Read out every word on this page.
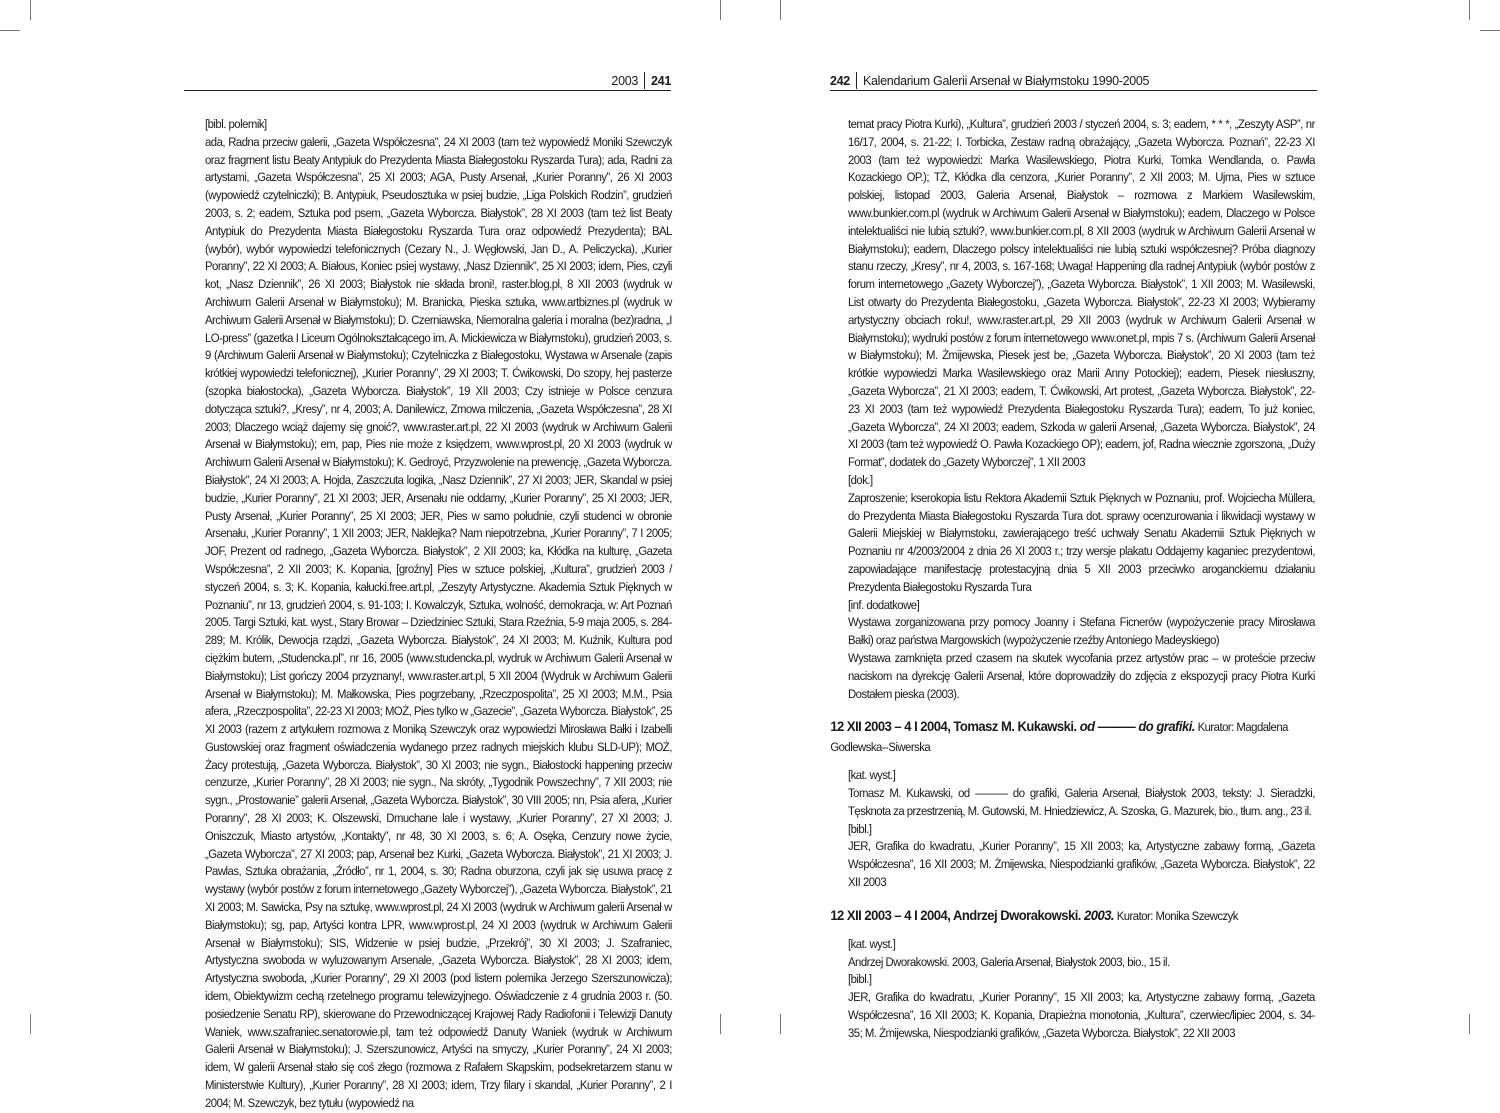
2003 241

[bibl. polemik]

ada, Radna przeciw galerii, „Gazeta Współczesna”, 24 XI 2003 (tam też wypowiedź Moniki Szewczyk oraz fragment listu Beaty Antypiuk do Prezydenta Miasta Białegostoku Ryszarda Tura); ada, Radni za artystami, „Gazeta Współczesna”, 25 XI 2003; AGA, Pusty Arsenał, „Kurier Poranny”, 26 XI 2003 (wypowiedź czytelniczki); B. Antypiuk, Pseudosztuka w psiej budzie, „Liga Polskich Rodzin”, grudzień 2003, s. 2; eadem, Sztuka pod psem, „Gazeta Wyborcza. Białystok”, 28 XI 2003 (tam też list Beaty Antypiuk do Prezydenta Miasta Białegostoku Ryszarda Tura oraz odpowiedź Prezydenta); BAL (wybór), wybór wypowiedzi telefonicznych (Cezary N., J. Węgłowski, Jan D., A. Peliczycka), „Kurier Poranny”, 22 XI 2003; A. Białous, Koniec psiej wystawy, „Nasz Dziennik”, 25 XI 2003; idem, Pies, czyli kot, „Nasz Dziennik”, 26 XI 2003; Białystok nie składa broni!, raster.blog.pl, 8 XII 2003 (wydruk w Archiwum Galerii Arsenał w Białymstoku); M. Branicka, Pieska sztuka, www.artbiznes.pl (wydruk w Archiwum Galerii Arsenał w Białymstoku); D. Czerniawska, Niemoralna galeria i moralna (bez)radna, „I LO-press” (gazetka I Liceum Ogólnokształcącego im. A. Mickiewicza w Białymstoku), grudzień 2003, s. 9 (Archiwum Galerii Arsenał w Białymstoku); Czytelniczka z Białegostoku, Wystawa w Arsenale (zapis krótkiej wypowiedzi telefonicznej), „Kurier Poranny”, 29 XI 2003; T. Ćwikowski, Do szopy, hej pasterze (szopka białostocka), „Gazeta Wyborcza. Białystok”, 19 XII 2003; Czy istnieje w Polsce cenzura dotycząca sztuki?, „Kresy”, nr 4, 2003; A. Danilewicz, Zmowa milczenia, „Gazeta Współczesna”, 28 XI 2003; Dlaczego wciąż dajemy się gnoić?, www.raster.art.pl, 22 XI 2003 (wydruk w Archiwum Galerii Arsenał w Białymstoku); em, pap, Pies nie może z księdzem, www.wprost.pl, 20 XI 2003 (wydruk w Archiwum Galerii Arsenał w Białymstoku); K. Gedroyć, Przyzwolenie na prewencję, „Gazeta Wyborcza. Białystok”, 24 XI 2003; A. Hojda, Zaszczuta logika, „Nasz Dziennik”, 27 XI 2003; JER, Skandal w psiej budzie, „Kurier Poranny”, 21 XI 2003; JER, Arsenału nie oddamy, „Kurier Poranny”, 25 XI 2003; JER, Pusty Arsenał, „Kurier Poranny”, 25 XI 2003; JER, Pies w samo południe, czyli studenci w obronie Arsenału, „Kurier Poranny”, 1 XII 2003; JER, Naklejka? Nam niepotrzebna, „Kurier Poranny”, 7 I 2005; JOF, Prezent od radnego, „Gazeta Wyborcza. Białystok”, 2 XII 2003; ka, Kłódka na kulturę, „Gazeta Współczesna”, 2 XII 2003; K. Kopania, [groźny] Pies w sztuce polskiej, „Kultura”, grudzień 2003 / styczeń 2004, s. 3; K. Kopania, kałucki.free.art.pl, „Zeszyty Artystyczne. Akademia Sztuk Pięknych w Poznaniu”, nr 13, grudzień 2004, s. 91-103; I. Kowalczyk, Sztuka, wolność, demokracja, w: Art Poznań 2005. Targi Sztuki, kat. wyst., Stary Browar – Dziedziniec Sztuki, Stara Rzeźnia, 5-9 maja 2005, s. 284-289; M. Królik, Dewocja rządzi, „Gazeta Wyborcza. Białystok”, 24 XI 2003; M. Kuźnik, Kultura pod ciężkim butem, „Studencka.pl”, nr 16, 2005 (www.studencka.pl, wydruk w Archiwum Galerii Arsenał w Białymstoku); List gończy 2004 przyznany!, www.raster.art.pl, 5 XII 2004 (Wydruk w Archiwum Galerii Arsenał w Białymstoku); M. Małkowska, Pies pogrzebany, „Rzeczpospolita”, 25 XI 2003; M.M., Psia afera, „Rzeczpospolita”, 22-23 XI 2003; MOŻ, Pies tylko w „Gazecie”, „Gazeta Wyborcza. Białystok”, 25 XI 2003 (razem z artykułem rozmowa z Moniką Szewczyk oraz wypowiedzi Mirosława Bałki i Izabelli Gustowskiej oraz fragment oświadczenia wydanego przez radnych miejskich klubu SLD-UP); MOŻ, Żacy protestują, „Gazeta Wyborcza. Białystok”, 30 XI 2003; nie sygn., Białostocki happening przeciw cenzurze, „Kurier Poranny”, 28 XI 2003; nie sygn., Na skróty, „Tygodnik Powszechny”, 7 XII 2003; nie sygn., „Prostowanie” galerii Arsenał, „Gazeta Wyborcza. Białystok”, 30 VIII 2005; nn, Psia afera, „Kurier Poranny”, 28 XI 2003; K. Olszewski, Dmuchane lale i wystawy, „Kurier Poranny”, 27 XI 2003; J. Oniszczuk, Miasto artystów, „Kontakty”, nr 48, 30 XI 2003, s. 6; A. Osęka, Cenzury nowe życie, „Gazeta Wyborcza”, 27 XI 2003; pap, Arsenał bez Kurki, „Gazeta Wyborcza. Białystok”, 21 XI 2003; J. Pawlas, Sztuka obrażania, „Źródło”, nr 1, 2004, s. 30; Radna oburzona, czyli jak się usuwa pracę z wystawy (wybór postów z forum internetowego „Gazety Wyborczej”), „Gazeta Wyborcza. Białystok”, 21 XI 2003; M. Sawicka, Psy na sztukę, www.wprost.pl, 24 XI 2003 (wydruk w Archiwum galerii Arsenał w Białymstoku); sg, pap, Artyści kontra LPR, www.wprost.pl, 24 XI 2003 (wydruk w Archiwum Galerii Arsenał w Białymstoku); SIS, Widzenie w psiej budzie, „Przekrój”, 30 XI 2003; J. Szafraniec, Artystyczna swoboda w wyluzowanym Arsenale, „Gazeta Wyborcza. Białystok”, 28 XI 2003; idem, Artystyczna swoboda, „Kurier Poranny”, 29 XI 2003 (pod listem polemika Jerzego Szerszunowicza); idem, Obiektywizm cechą rzetelnego programu telewizyjnego. Oświadczenie z 4 grudnia 2003 r. (50. posiedzenie Senatu RP), skierowane do Przewodniczącej Krajowej Rady Radiofonii i Telewizji Danuty Waniek, www.szafraniec.senatorowie.pl, tam też odpowiedź Danuty Waniek (wydruk w Archiwum Galerii Arsenał w Białymstoku); J. Szerszunowicz, Artyści na smyczy, „Kurier Poranny”, 24 XI 2003; idem, W galerii Arsenał stało się coś złego (rozmowa z Rafałem Skąpskim, podsekretarzem stanu w Ministerstwie Kultury), „Kurier Poranny”, 28 XI 2003; idem, Trzy filary i skandal, „Kurier Poranny”, 2 I 2004; M. Szewczyk, bez tytułu (wypowiedź na

242 Kalendarium Galerii Arsenał w Białymstoku 1990-2005

temat pracy Piotra Kurki), „Kultura”, grudzień 2003 / styczeń 2004, s. 3; eadem, * * *, „Zeszyty ASP”, nr 16/17, 2004, s. 21-22; I. Torbicka, Zestaw radną obrażający, „Gazeta Wyborcza. Poznań”, 22-23 XI 2003 (tam też wypowiedzi: Marka Wasilewskiego, Piotra Kurki, Tomka Wendlanda, o. Pawła Kozackiego OP.); TŻ, Kłódka dla cenzora, „Kurier Poranny”, 2 XII 2003; M. Ujma, Pies w sztuce polskiej, listopad 2003, Galeria Arsenał, Białystok – rozmowa z Markiem Wasilewskim, www.bunkier.com.pl (wydruk w Archiwum Galerii Arsenał w Białymstoku); eadem, Dlaczego w Polsce intelektualiści nie lubią sztuki?, www.bunkier.com.pl, 8 XII 2003 (wydruk w Archiwum Galerii Arsenał w Białymstoku); eadem, Dlaczego polscy intelektualiści nie lubią sztuki współczesnej? Próba diagnozy stanu rzeczy, „Kresy”, nr 4, 2003, s. 167-168; Uwaga! Happening dla radnej Antypiuk (wybór postów z forum internetowego „Gazety Wyborczej”), „Gazeta Wyborcza. Białystok”, 1 XII 2003; M. Wasilewski, List otwarty do Prezydenta Białegostoku, „Gazeta Wyborcza. Białystok”, 22-23 XI 2003; Wybieramy artystyczny obciach roku!, www.raster.art.pl, 29 XII 2003 (wydruk w Archiwum Galerii Arsenał w Białymstoku); wydruki postów z forum internetowego www.onet.pl, mpis 7 s. (Archiwum Galerii Arsenał w Białymstoku); M. Żmijewska, Piesek jest be, „Gazeta Wyborcza. Białystok”, 20 XI 2003 (tam też krótkie wypowiedzi Marka Wasilewskiego oraz Marii Anny Potockiej); eadem, Piesek niesłuszny, „Gazeta Wyborcza”, 21 XI 2003; eadem, T. Ćwikowski, Art protest, „Gazeta Wyborcza. Białystok”, 22-23 XI 2003 (tam też wypowiedź Prezydenta Białegostoku Ryszarda Tura); eadem, To już koniec, „Gazeta Wyborcza”, 24 XI 2003; eadem, Szkoda w galerii Arsenał, „Gazeta Wyborcza. Białystok”, 24 XI 2003 (tam też wypowiedź O. Pawła Kozackiego OP); eadem, jof, Radna wiecznie zgorszona, „Duży Format”, dodatek do „Gazety Wyborczej”, 1 XII 2003

[dok.]

Zaproszenie; kserokopia listu Rektora Akademii Sztuk Pięknych w Poznaniu, prof. Wojciecha Müllera, do Prezydenta Miasta Białegostoku Ryszarda Tura dot. sprawy ocenzurowania i likwidacji wystawy w Galerii Miejskiej w Białymstoku, zawierającego treść uchwały Senatu Akademii Sztuk Pięknych w Poznaniu nr 4/2003/2004 z dnia 26 XI 2003 r.; trzy wersje plakatu Oddajemy kaganiec prezydentowi, zapowiadające manifestację protestacyjną dnia 5 XII 2003 przeciwko aroganckiemu działaniu Prezydenta Białegostoku Ryszarda Tura

[inf. dodatkowe]

Wystawa zorganizowana przy pomocy Joanny i Stefana Ficnerów (wypożyczenie pracy Mirosława Bałki) oraz państwa Margowskich (wypożyczenie rzeźby Antoniego Madeyskiego)

Wystawa zamknięta przed czasem na skutek wycofania przez artystów prac – w proteście przeciw naciskom na dyrekcję Galerii Arsenał, które doprowadziły do zdjęcia z ekspozycji pracy Piotra Kurki Dostałem pieska (2003).

12 XII 2003 – 4 I 2004, Tomasz M. Kukawski. od ——— do grafiki. Kurator: Magdalena Godlewska--Siwerska

[kat. wyst.]

Tomasz M. Kukawski, od ——— do grafiki, Galeria Arsenał, Białystok 2003, teksty: J. Sieradzki, Tęsknota za przestrzenią, M. Gutowski, M. Hniedziewicz, A. Szoska, G. Mazurek, bio., tłum. ang., 23 il.

[bibl.]

JER, Grafika do kwadratu, „Kurier Poranny”, 15 XII 2003; ka, Artystyczne zabawy formą, „Gazeta Współczesna”, 16 XII 2003; M. Żmijewska, Niespodzianki grafików, „Gazeta Wyborcza. Białystok”, 22 XII 2003

12 XII 2003 – 4 I 2004, Andrzej Dworakowski. 2003. Kurator: Monika Szewczyk

[kat. wyst.]

Andrzej Dworakowski. 2003, Galeria Arsenał, Białystok 2003, bio., 15 il.

[bibl.]

JER, Grafika do kwadratu, „Kurier Poranny”, 15 XII 2003; ka, Artystyczne zabawy formą, „Gazeta Współczesna”, 16 XII 2003; K. Kopania, Drapieżna monotonia, „Kultura”, czerwiec/lipiec 2004, s. 34-35; M. Żmijewska, Niespodzianki grafików, „Gazeta Wyborcza. Białystok”, 22 XII 2003
